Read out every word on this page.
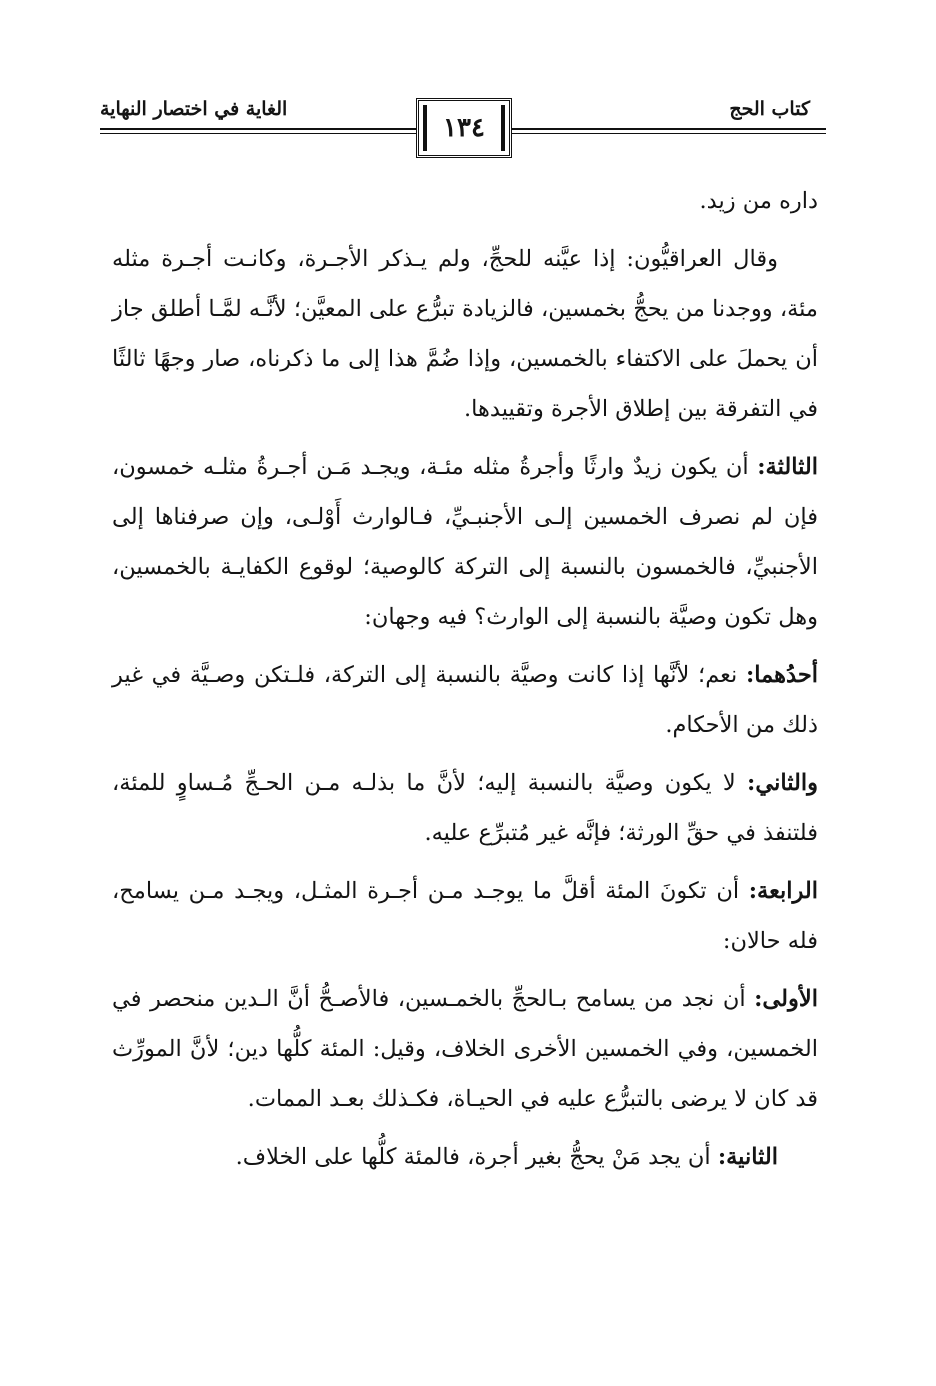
كتاب الحج
الغاية في اختصار النهاية
١٣٤

داره من زيد.

وقال العراقيُّون: إذا عيَّنه للحجِّ، ولم يـذكر الأجـرة، وكانـت أجـرة مثله مئة، ووجدنا من يحجُّ بخمسين، فالزيادة تبرُّع على المعيَّن؛ لأنَّـه لمَّـا أطلق جاز أن يحملَ على الاكتفاء بالخمسين، وإذا ضُمَّ هذا إلى ما ذكرناه، صار وجهًا ثالثًا في التفرقة بين إطلاق الأجرة وتقييدها.

الثالثة: أن يكون زيدٌ وارثًا وأجرةُ مثله مئـة، ويجـد مَـن أجـرةُ مثلـه خمسون، فإن لم نصرف الخمسين إلـى الأجنبـيِّ، فـالوارث أَوْلـى، وإن صرفناها إلى الأجنبيِّ، فالخمسون بالنسبة إلى التركة كالوصية؛ لوقوع الكفايـة بالخمسين، وهل تكون وصيَّة بالنسبة إلى الوارث؟ فيه وجهان:

أحدُهما: نعم؛ لأنَّها إذا كانت وصيَّة بالنسبة إلى التركة، فلـتكن وصـيَّة في غير ذلك من الأحكام.

والثاني: لا يكون وصيَّة بالنسبة إليه؛ لأنَّ ما بذلـه مـن الحـجِّ مُـساوٍ للمئة، فلتنفذ في حقِّ الورثة؛ فإنَّه غير مُتبرِّع عليه.

الرابعة: أن تكونَ المئة أقلَّ ما يوجـد مـن أجـرة المثـل، ويجـد مـن يسامح، فله حالان:

الأولى: أن نجد من يسامح بـالحجِّ بالخمـسين، فالأصـحُّ أنَّ الـدين منحصر في الخمسين، وفي الخمسين الأخرى الخلاف، وقيل: المئة كلُّها دين؛ لأنَّ المورِّث قد كان لا يرضى بالتبرُّع عليه في الحيـاة، فكـذلك بعـد الممات.

الثانية: أن يجد مَنْ يحجُّ بغير أجرة، فالمئة كلُّها على الخلاف.
